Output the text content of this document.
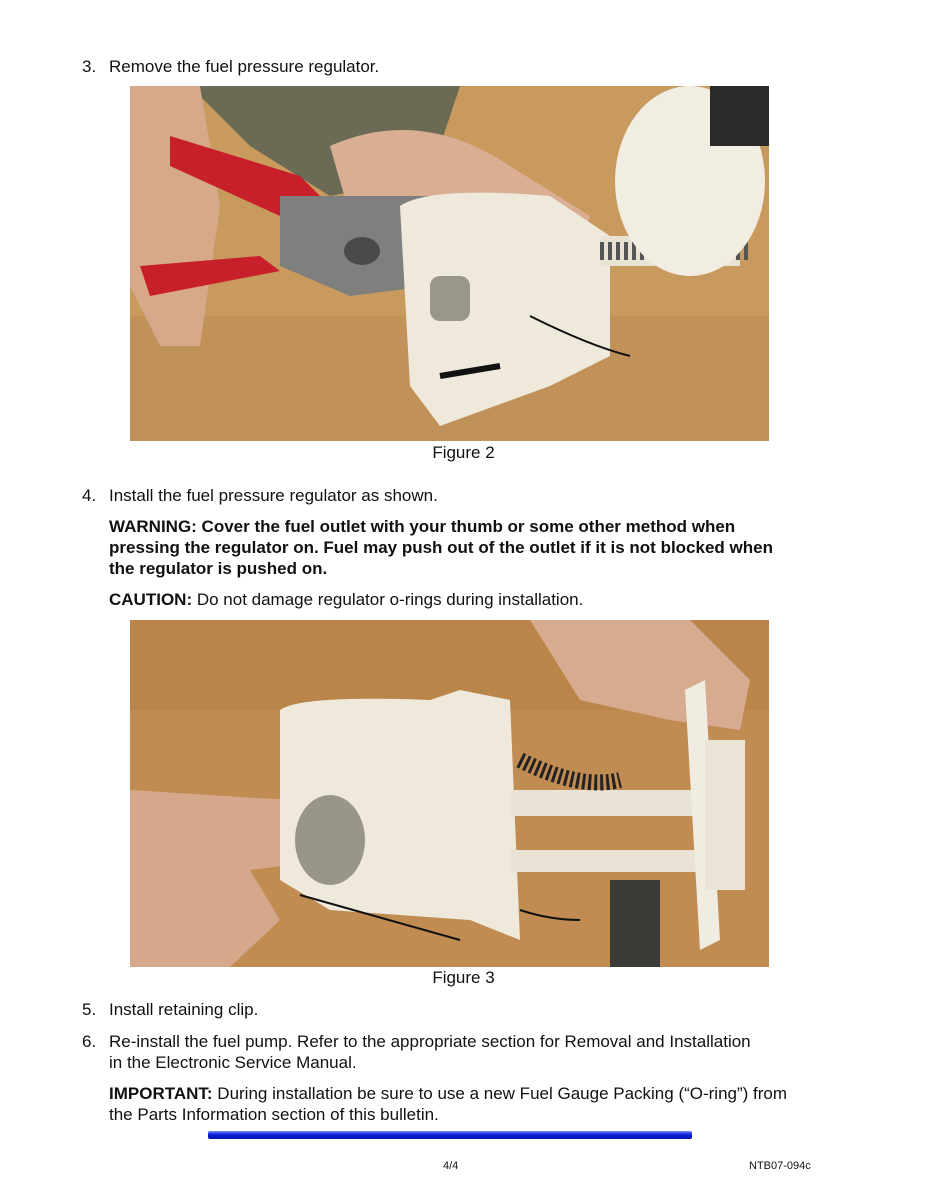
3. Remove the fuel pressure regulator.
Figure 2
4. Install the fuel pressure regulator as shown.
WARNING: Cover the fuel outlet with your thumb or some other method when pressing the regulator on. Fuel may push out of the outlet if it is not blocked when the regulator is pushed on.
CAUTION: Do not damage regulator o-rings during installation.
Figure 3
5. Install retaining clip.
6. Re-install the fuel pump. Refer to the appropriate section for Removal and Installation
in the Electronic Service Manual.
IMPORTANT: During installation be sure to use a new Fuel Gauge Packing (“O-ring”) from the Parts Information section of this bulletin.
4/4	NTB07-094c
